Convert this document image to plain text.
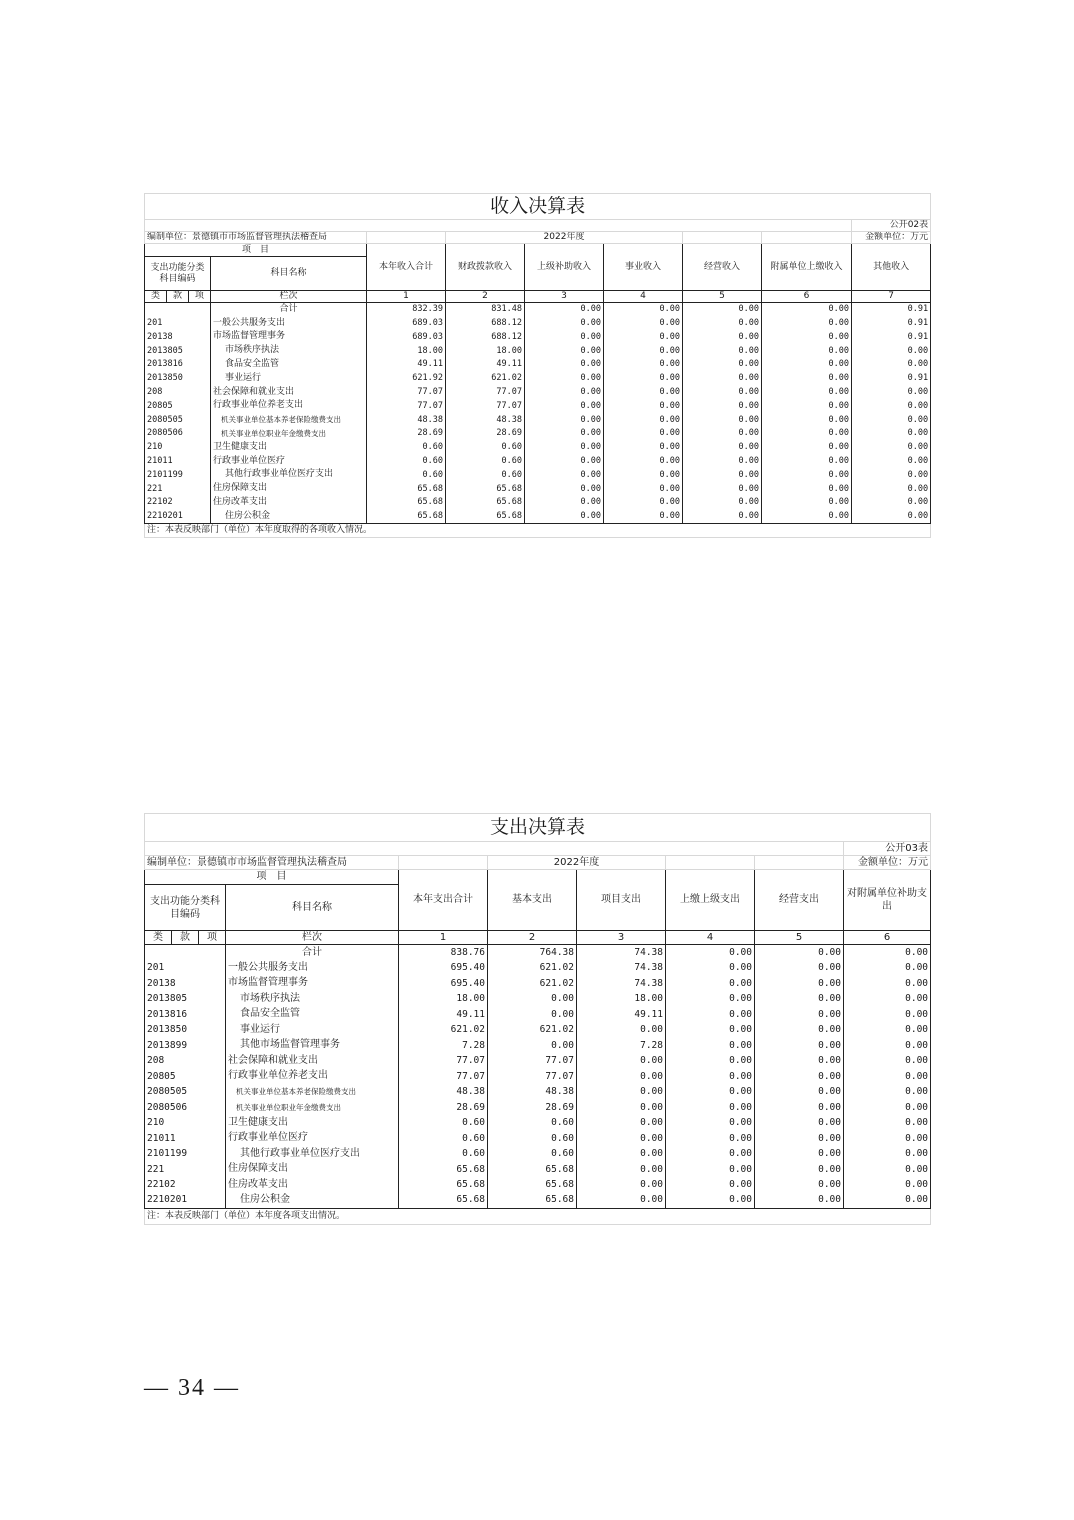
收入决算表										
										公开02表
编制单位：景德镇市市场监督管理执法稽查局					2022年度					金额单位：万元
项　目				本年收入合计	财政拨款收入	上级补助收入	事业收入	经营收入	附属单位上缴收入	其他收入
支出功能分类科目编码			科目名称							

类	款	项	栏次	1	2	3	4	5	6	7
			合计	832.39	831.48	0.00	0.00	0.00	0.00	0.91
201			一般公共服务支出	689.03	688.12	0.00	0.00	0.00	0.00	0.91
20138			市场监督管理事务	689.03	688.12	0.00	0.00	0.00	0.00	0.91
2013805			市场秩序执法	18.00	18.00	0.00	0.00	0.00	0.00	0.00
2013816			食品安全监管	49.11	49.11	0.00	0.00	0.00	0.00	0.00
2013850			事业运行	621.92	621.02	0.00	0.00	0.00	0.00	0.91
208			社会保障和就业支出	77.07	77.07	0.00	0.00	0.00	0.00	0.00
20805			行政事业单位养老支出	77.07	77.07	0.00	0.00	0.00	0.00	0.00
2080505			机关事业单位基本养老保险缴费支出	48.38	48.38	0.00	0.00	0.00	0.00	0.00
2080506			机关事业单位职业年金缴费支出	28.69	28.69	0.00	0.00	0.00	0.00	0.00
210			卫生健康支出	0.60	0.60	0.00	0.00	0.00	0.00	0.00
21011			行政事业单位医疗	0.60	0.60	0.00	0.00	0.00	0.00	0.00
2101199			其他行政事业单位医疗支出	0.60	0.60	0.00	0.00	0.00	0.00	0.00
221			住房保障支出	65.68	65.68	0.00	0.00	0.00	0.00	0.00
22102			住房改革支出	65.68	65.68	0.00	0.00	0.00	0.00	0.00
2210201			住房公积金	65.68	65.68	0.00	0.00	0.00	0.00	0.00
注：本表反映部门（单位）本年度取得的各项收入情况。										
支出决算表									
									公开03表
编制单位：景德镇市市场监督管理执法稽查局					2022年度				金额单位：万元
项　目				本年支出合计	基本支出	项目支出	上缴上级支出	经营支出	对附属单位补助支出
支出功能分类科目编码			科目名称						
类	款	项	栏次	1	2	3	4	5	6
			合计	838.76	764.38	74.38	0.00	0.00	0.00
201			一般公共服务支出	695.40	621.02	74.38	0.00	0.00	0.00
20138			市场监督管理事务	695.40	621.02	74.38	0.00	0.00	0.00
2013805			市场秩序执法	18.00	0.00	18.00	0.00	0.00	0.00
2013816			食品安全监管	49.11	0.00	49.11	0.00	0.00	0.00
2013850			事业运行	621.02	621.02	0.00	0.00	0.00	0.00
2013899			其他市场监督管理事务	7.28	0.00	7.28	0.00	0.00	0.00
208			社会保障和就业支出	77.07	77.07	0.00	0.00	0.00	0.00
20805			行政事业单位养老支出	77.07	77.07	0.00	0.00	0.00	0.00
2080505			机关事业单位基本养老保险缴费支出	48.38	48.38	0.00	0.00	0.00	0.00
2080506			机关事业单位职业年金缴费支出	28.69	28.69	0.00	0.00	0.00	0.00
210			卫生健康支出	0.60	0.60	0.00	0.00	0.00	0.00
21011			行政事业单位医疗	0.60	0.60	0.00	0.00	0.00	0.00
2101199			其他行政事业单位医疗支出	0.60	0.60	0.00	0.00	0.00	0.00
221			住房保障支出	65.68	65.68	0.00	0.00	0.00	0.00
22102			住房改革支出	65.68	65.68	0.00	0.00	0.00	0.00
2210201			住房公积金	65.68	65.68	0.00	0.00	0.00	0.00
注：本表反映部门（单位）本年度各项支出情况。									
— 34 —
